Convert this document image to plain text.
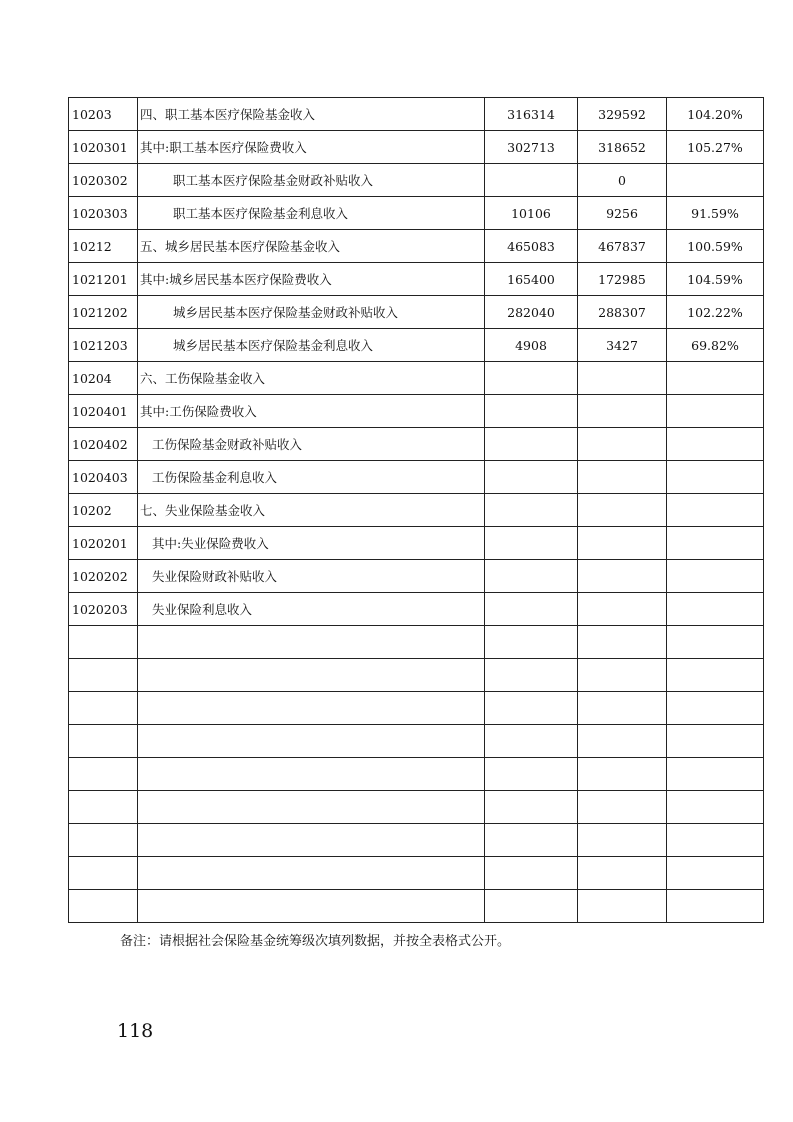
10203	四、职工基本医疗保险基金收入	316314	329592	104.20%
1020301	其中:职工基本医疗保险费收入	302713	318652	105.27%
1020302	职工基本医疗保险基金财政补贴收入		0	
1020303	职工基本医疗保险基金利息收入	10106	9256	91.59%
10212	五、城乡居民基本医疗保险基金收入	465083	467837	100.59%
1021201	其中:城乡居民基本医疗保险费收入	165400	172985	104.59%
1021202	城乡居民基本医疗保险基金财政补贴收入	282040	288307	102.22%
1021203	城乡居民基本医疗保险基金利息收入	4908	3427	69.82%
10204	六、工伤保险基金收入			
1020401	其中:工伤保险费收入			
1020402	工伤保险基金财政补贴收入			
1020403	工伤保险基金利息收入			
10202	七、失业保险基金收入			
1020201	其中:失业保险费收入			
1020202	失业保险财政补贴收入			
1020203	失业保险利息收入			

备注：请根据社会保险基金统筹级次填列数据，并按全表格式公开。
118
